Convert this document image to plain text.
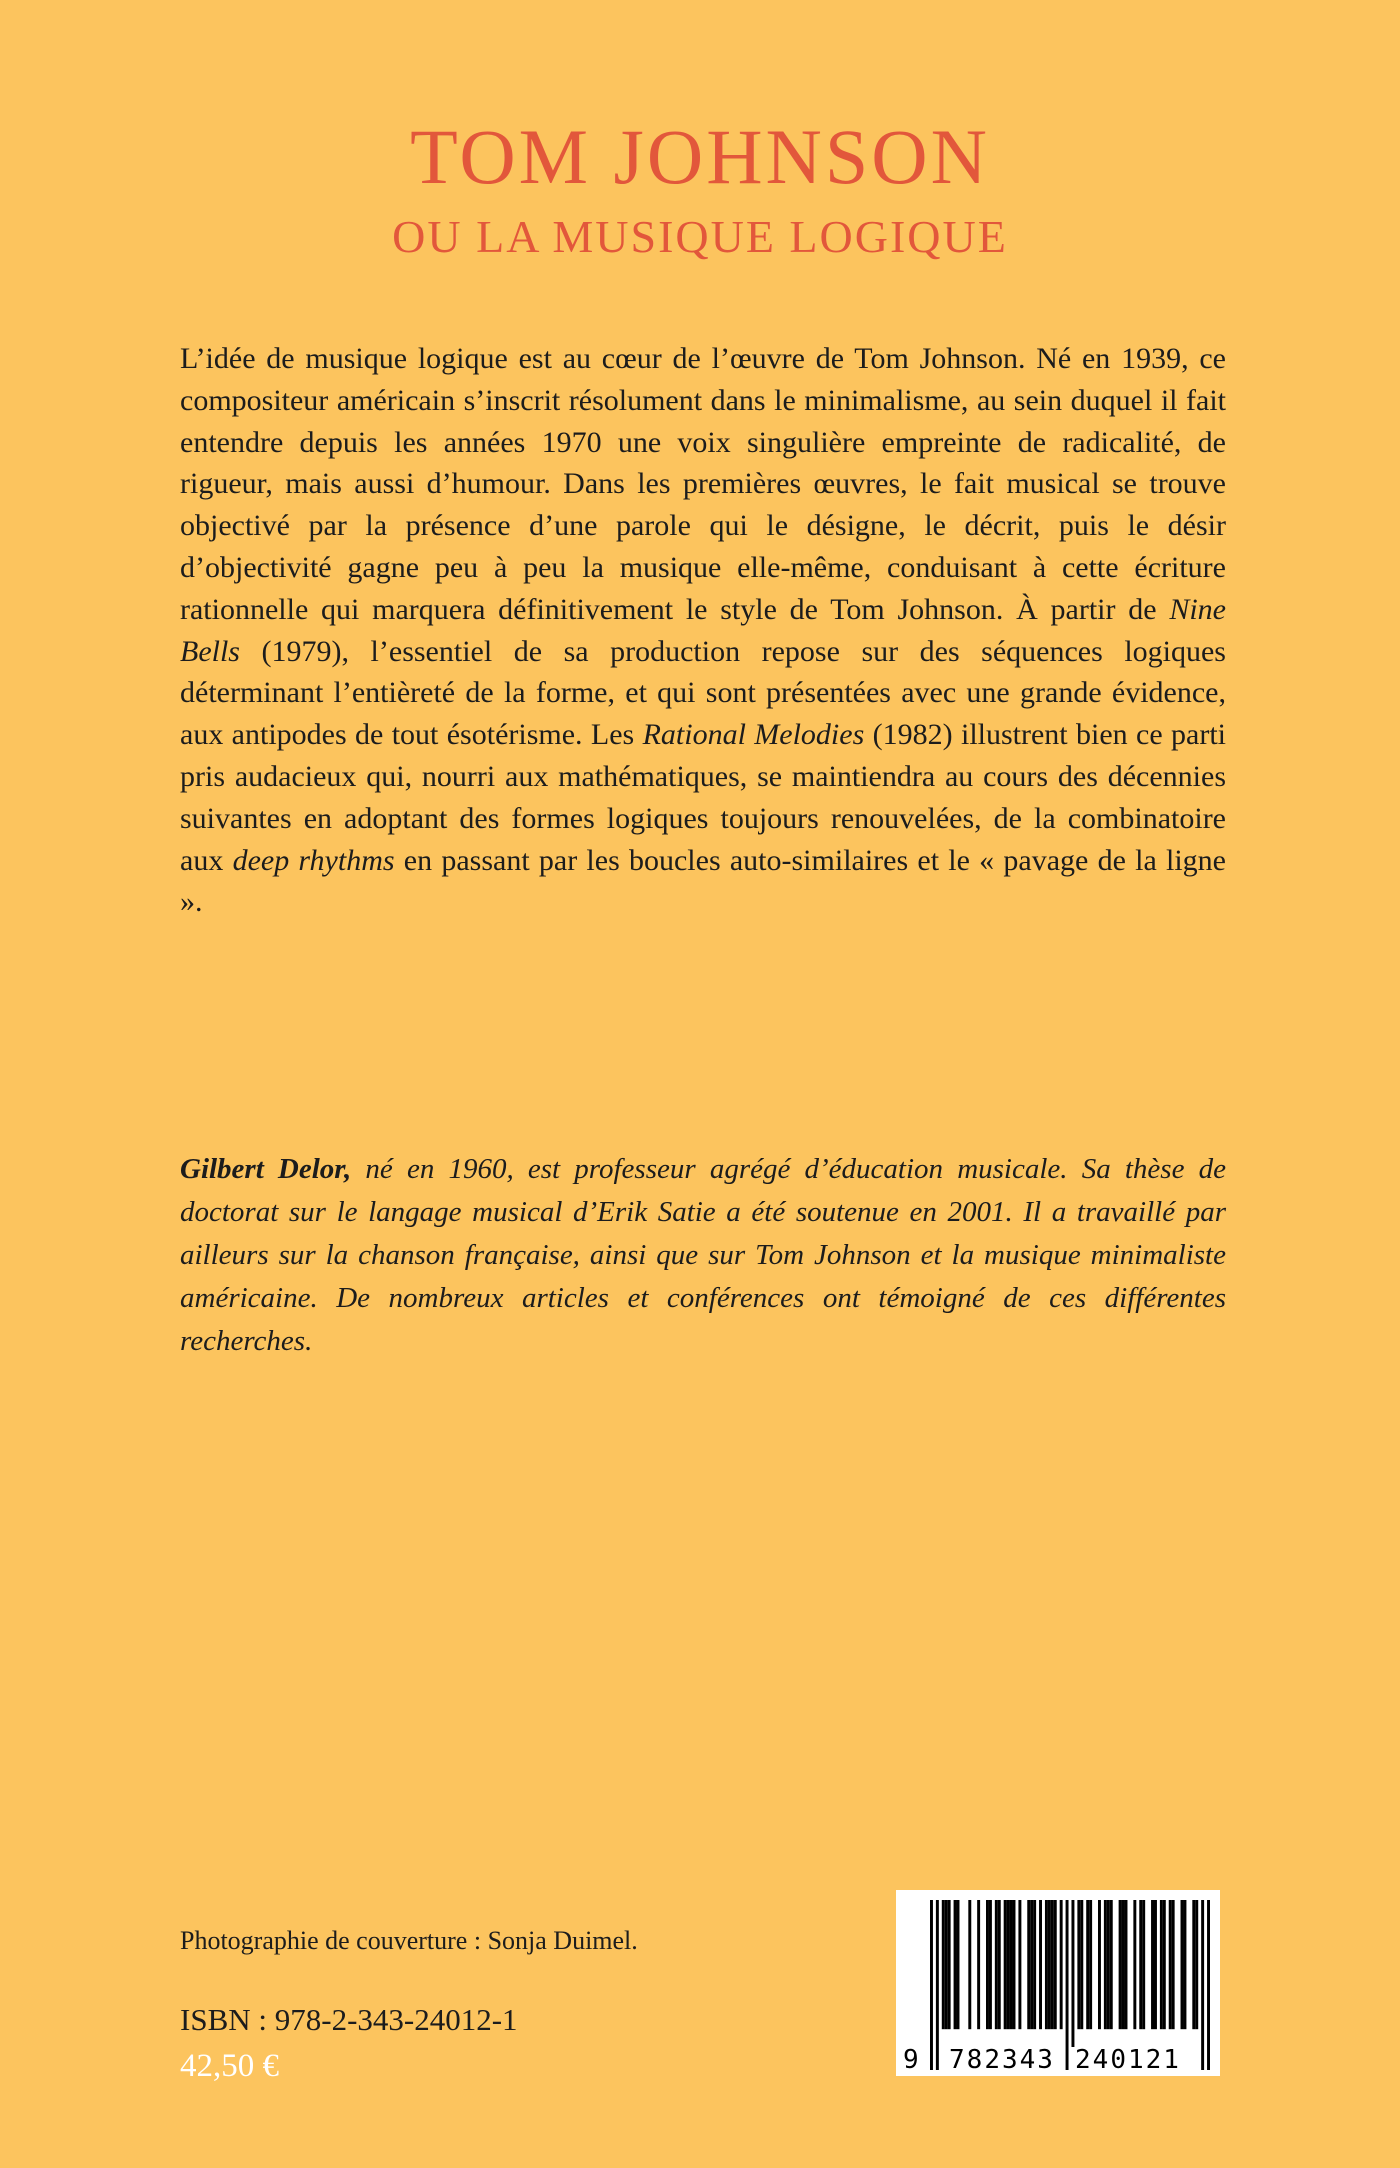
TOM JOHNSON
OU LA MUSIQUE LOGIQUE

L’idée de musique logique est au cœur de l’œuvre de Tom Johnson. Né en 1939, ce compositeur américain s’inscrit résolument dans le minimalisme, au sein duquel il fait entendre depuis les années 1970 une voix singulière empreinte de radicalité, de rigueur, mais aussi d’humour. Dans les premières œuvres, le fait musical se trouve objectivé par la présence d’une parole qui le désigne, le décrit, puis le désir d’objectivité gagne peu à peu la musique elle-même, conduisant à cette écriture rationnelle qui marquera définitivement le style de Tom Johnson. À partir de Nine Bells (1979), l’essentiel de sa production repose sur des séquences logiques déterminant l’entièreté de la forme, et qui sont présentées avec une grande évidence, aux antipodes de tout ésotérisme. Les Rational Melodies (1982) illustrent bien ce parti pris audacieux qui, nourri aux mathématiques, se maintiendra au cours des décennies suivantes en adoptant des formes logiques toujours renouvelées, de la combinatoire aux deep rhythms en passant par les boucles auto-similaires et le « pavage de la ligne ».

Gilbert Delor, né en 1960, est professeur agrégé d’éducation musicale. Sa thèse de doctorat sur le langage musical d’Erik Satie a été soutenue en 2001. Il a travaillé par ailleurs sur la chanson française, ainsi que sur Tom Johnson et la musique minimaliste américaine. De nombreux articles et conférences ont témoigné de ces différentes recherches.

Photographie de couverture : Sonja Duimel.

ISBN : 978-2-343-24012-1

42,50 €	9 782343 240121
